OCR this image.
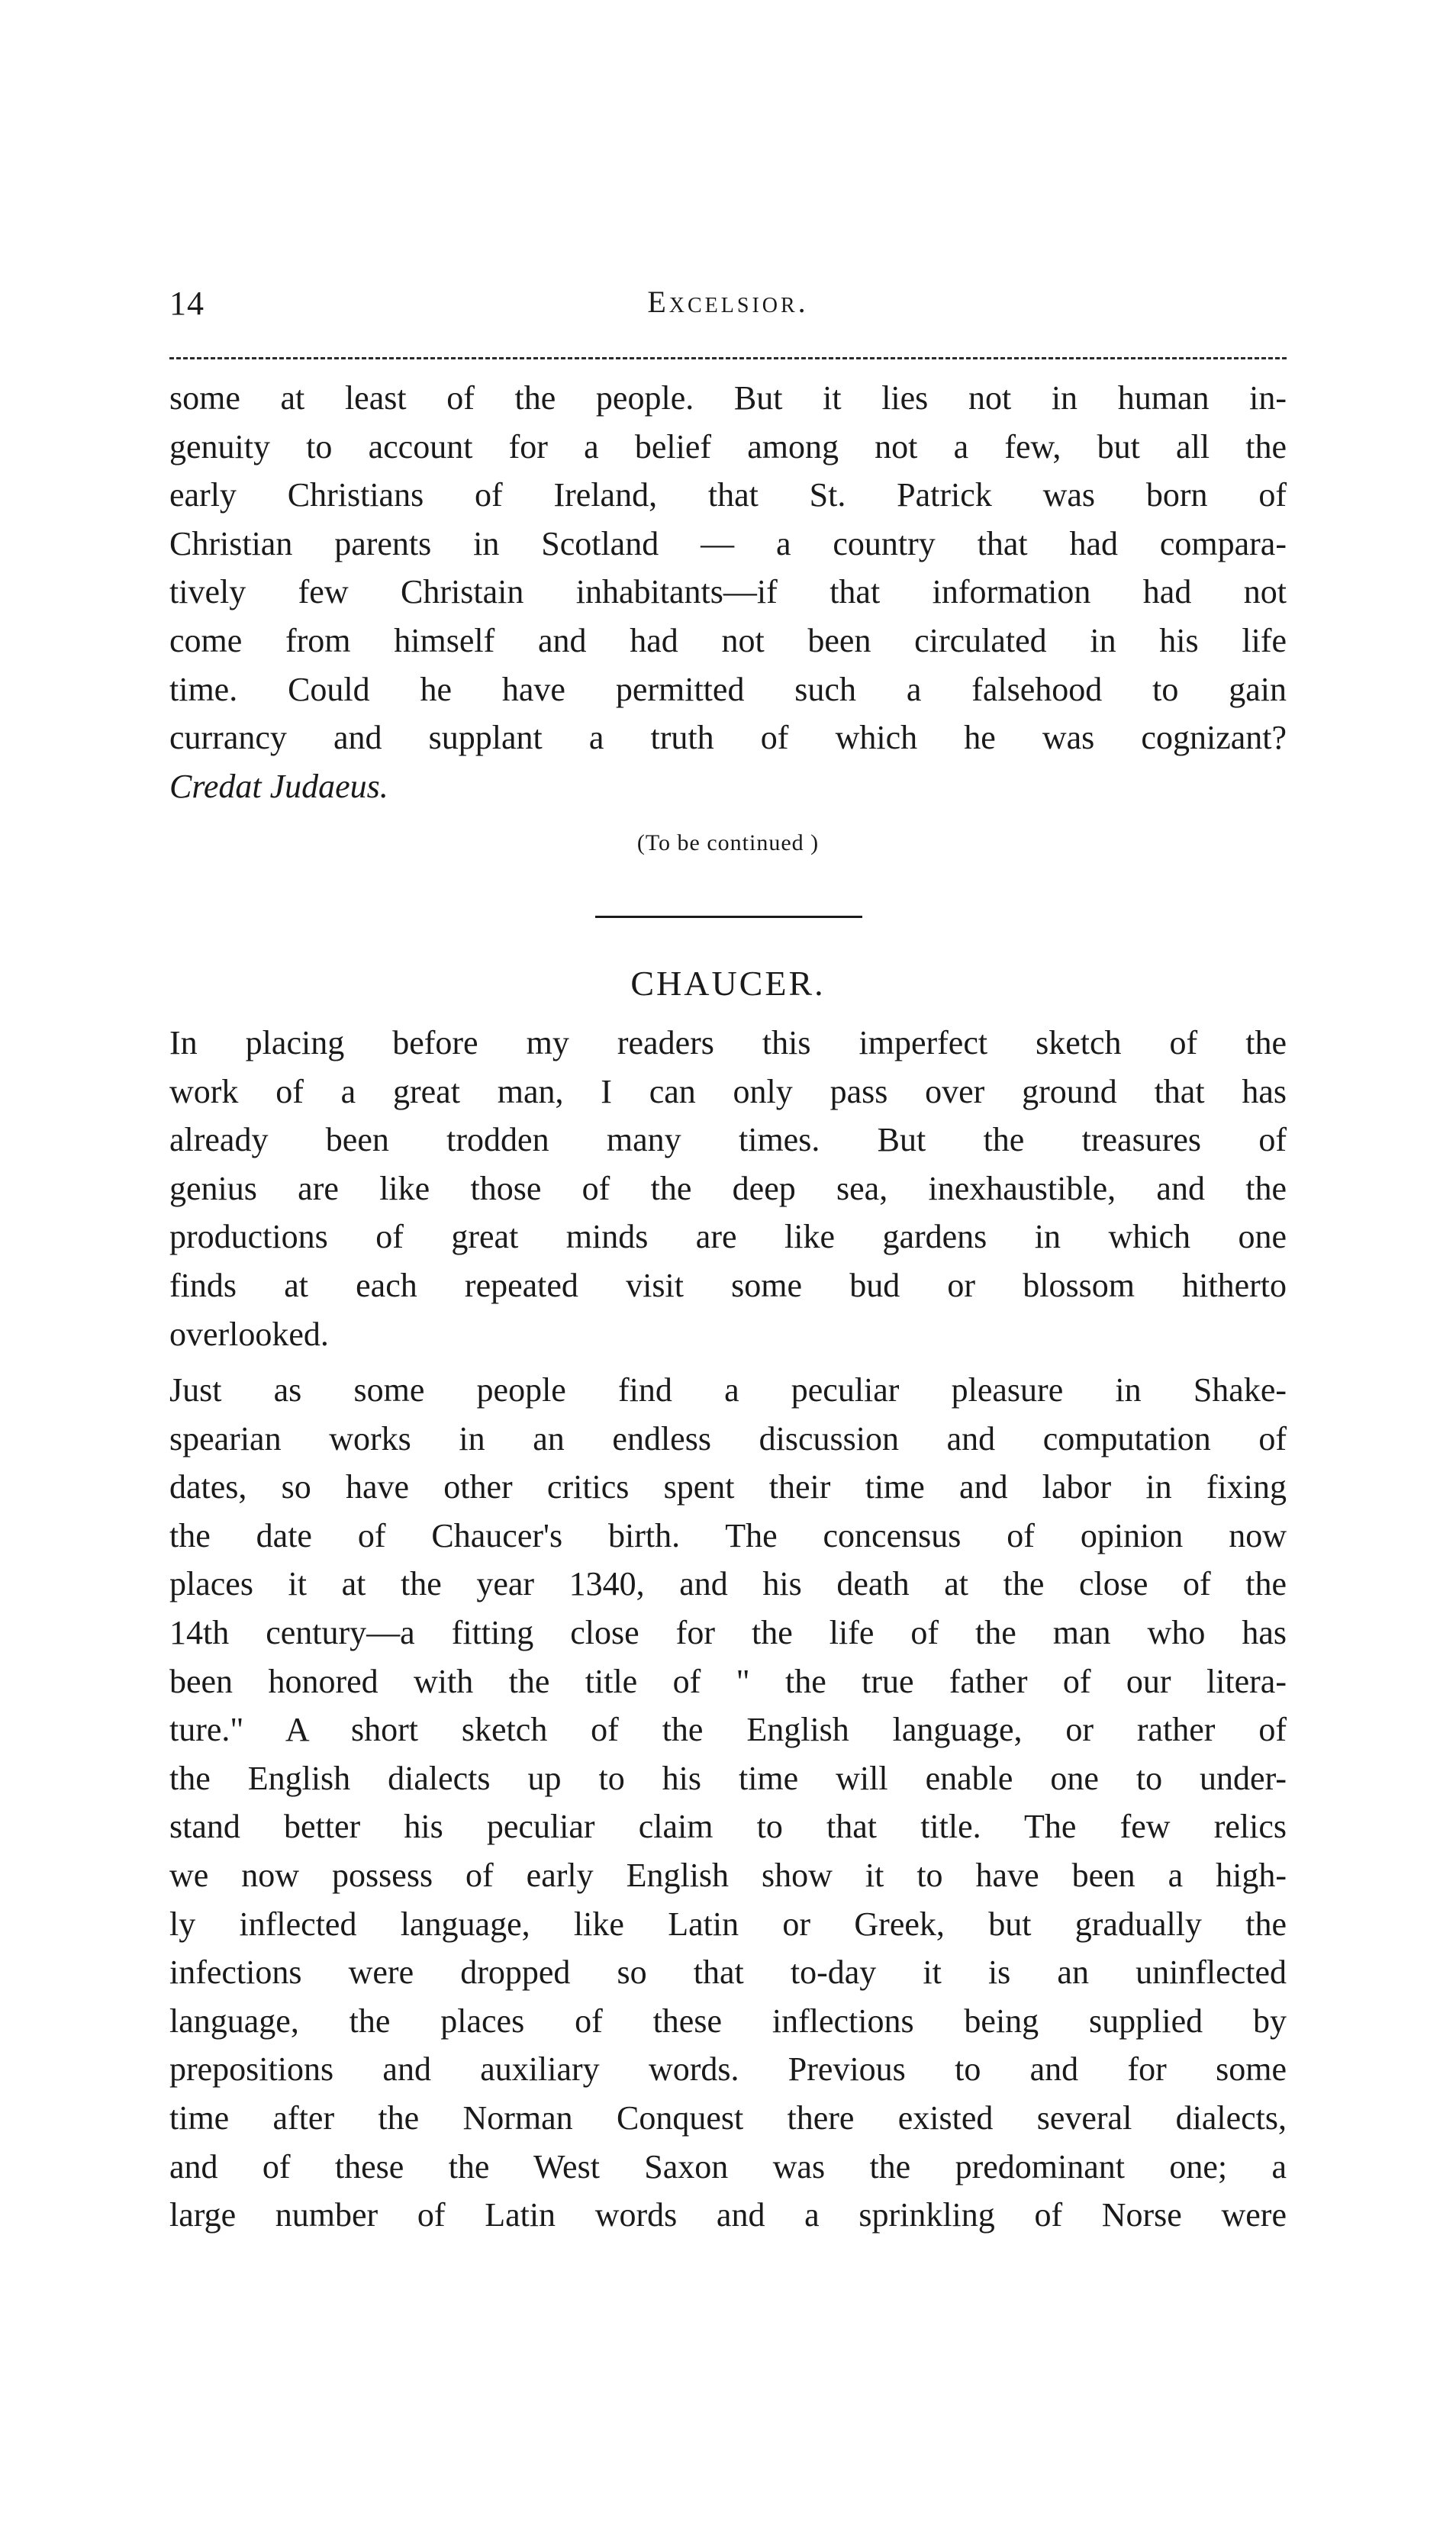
14	Excelsior.

some at least of the people. But it lies not in human in-

genuity to account for a belief among not a few, but all the

early Christians of Ireland, that St. Patrick was born of

Christian parents in Scotland — a country that had compara-

tively few Christain inhabitants—if that information had not

come from himself and had not been circulated in his life

time. Could he have permitted such a falsehood to gain

currancy and supplant a truth of which he was cognizant?

Credat Judaeus.

(To be continued )
CHAUCER.

In placing before my readers this imperfect sketch of the

work of a great man, I can only pass over ground that has

already been trodden many times. But the treasures of

genius are like those of the deep sea, inexhaustible, and the

productions of great minds are like gardens in which one

finds at each repeated visit some bud or blossom hitherto

overlooked.

Just as some people find a peculiar pleasure in Shake-

spearian works in an endless discussion and computation of

dates, so have other critics spent their time and labor in fixing

the date of Chaucer's birth. The concensus of opinion now

places it at the year 1340, and his death at the close of the

14th century—a fitting close for the life of the man who has

been honored with the title of " the true father of our litera-

ture." A short sketch of the English language, or rather of

the English dialects up to his time will enable one to under-

stand better his peculiar claim to that title. The few relics

we now possess of early English show it to have been a high-

ly inflected language, like Latin or Greek, but gradually the

infections were dropped so that to-day it is an uninflected

language, the places of these inflections being supplied by

prepositions and auxiliary words. Previous to and for some

time after the Norman Conquest there existed several dialects,

and of these the West Saxon was the predominant one; a

large number of Latin words and a sprinkling of Norse were
